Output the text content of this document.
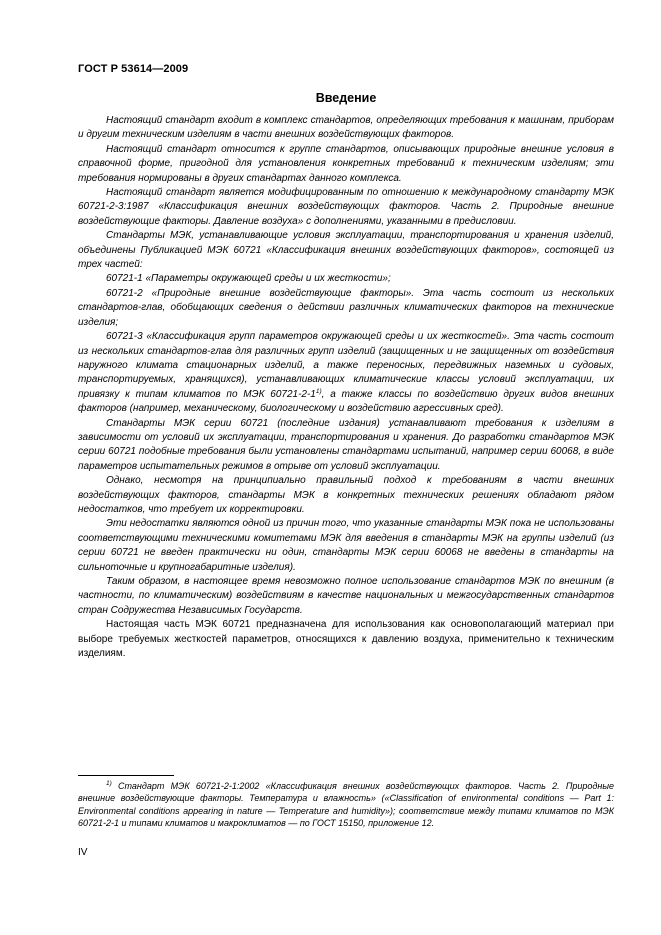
ГОСТ Р 53614—2009
Введение

Настоящий стандарт входит в комплекс стандартов, определяющих требования к машинам, приборам и другим техническим изделиям в части внешних воздействующих факторов.

Настоящий стандарт относится к группе стандартов, описывающих природные внешние условия в справочной форме, пригодной для установления конкретных требований к техническим изделиям; эти требования нормированы в других стандартах данного комплекса.

Настоящий стандарт является модифицированным по отношению к международному стандарту МЭК 60721-2-3:1987 «Классификация внешних воздействующих факторов. Часть 2. Природные внешние воздействующие факторы. Давление воздуха» с дополнениями, указанными в предисловии.

Стандарты МЭК, устанавливающие условия эксплуатации, транспортирования и хранения изделий, объединены Публикацией МЭК 60721 «Классификация внешних воздействующих факторов», состоящей из трех частей:

60721-1 «Параметры окружающей среды и их жесткости»;

60721-2 «Природные внешние воздействующие факторы». Эта часть состоит из нескольких стандартов-глав, обобщающих сведения о действии различных климатических факторов на технические изделия;

60721-3 «Классификация групп параметров окружающей среды и их жесткостей». Эта часть состоит из нескольких стандартов-глав для различных групп изделий (защищенных и не защищенных от воздействия наружного климата стационарных изделий, а также переносных, передвижных наземных и судовых, транспортируемых, хранящихся), устанавливающих климатические классы условий эксплуатации, их привязку к типам климатов по МЭК 60721-2-1$^{1)}$, а также классы по воздействию других видов внешних факторов (например, механическому, биологическому и воздействию агрессивных сред).

Стандарты МЭК серии 60721 (последние издания) устанавливают требования к изделиям в зависимости от условий их эксплуатации, транспортирования и хранения. До разработки стандартов МЭК серии 60721 подобные требования были установлены стандартами испытаний, например серии 60068, в виде параметров испытательных режимов в отрыве от условий эксплуатации.

Однако, несмотря на принципиально правильный подход к требованиям в части внешних воздействующих факторов, стандарты МЭК в конкретных технических решениях обладают рядом недостатков, что требует их корректировки.

Эти недостатки являются одной из причин того, что указанные стандарты МЭК пока не использованы соответствующими техническими комитетами МЭК для введения в стандарты МЭК на группы изделий (из серии 60721 не введен практически ни один, стандарты МЭК серии 60068 не введены в стандарты на сильноточные и крупногабаритные изделия).

Таким образом, в настоящее время невозможно полное использование стандартов МЭК по внешним (в частности, по климатическим) воздействиям в качестве национальных и межгосударственных стандартов стран Содружества Независимых Государств.

Настоящая часть МЭК 60721 предназначена для использования как основополагающий материал при выборе требуемых жесткостей параметров, относящихся к давлению воздуха, применительно к техническим изделиям.

$^{1)}$ Стандарт МЭК 60721-2-1:2002 «Классификация внешних воздействующих факторов. Часть 2. Природные внешние воздействующие факторы. Температура и влажность» («Classification of environmental conditions — Part 1: Environmental conditions appearing in nature — Temperature and humidity»); соответствие между типами климатов по МЭК 60721-2-1 и типами климатов и макроклиматов — по ГОСТ 15150, приложение 12.
IV
